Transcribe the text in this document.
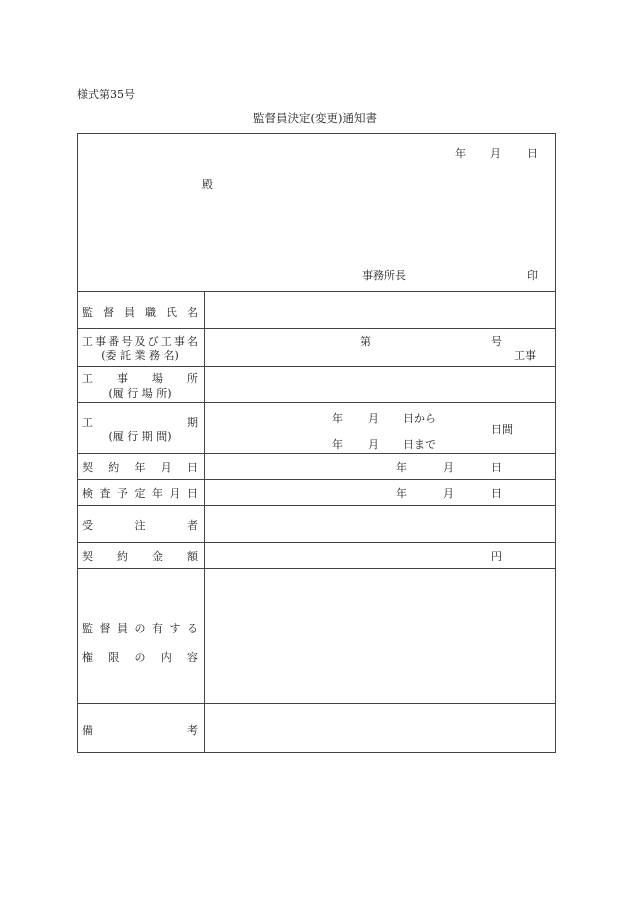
様式第35号
監督員決定(変更)通知書
年 月 日
殿
事務所長	印
監 督 員 職 氏 名
工 事 番 号 及 び 工 事 名
(委 託 業 務 名)
第	号
工事
工 事 場 所
(履 行 場 所)
工	期
(履 行 期 間)
年 月 日から
年 月 日まで
日間
契 約 年 月 日	年	月	日
検 査 予 定 年 月 日	年	月	日
受	注	者
契 約 金 額	円
監 督 員 の 有 す る
権 限 の 内 容
備	考
